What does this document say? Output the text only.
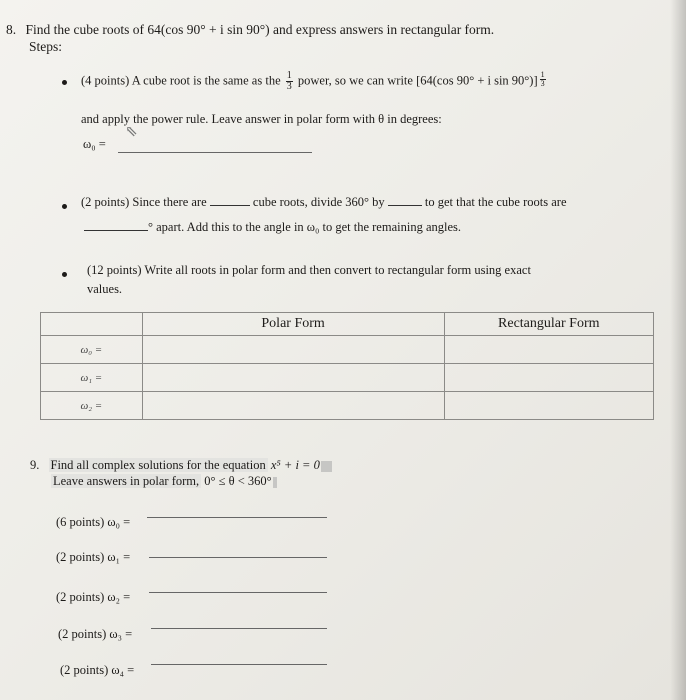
8. Find the cube roots of 64(cos 90° + i sin 90°) and express answers in rectangular form.
Steps:
(4 points) A cube root is the same as the $\frac{1}{3}$ power, so we can write [64(cos 90° + i $\sin 90^\circ)] \frac{1}{3}$
and apply the power rule. Leave answer in polar form with θ in degrees:
ω₀ =
⇖
(2 points) Since there are	cube roots, divide 360° by	to get that the cube roots are
° apart. Add this to the angle in ω₀ to get the remaining angles.
(12 points) Write all roots in polar form and then convert to rectangular form using exact
values.
	Polar Form	Rectangular Form
ω₀ =		
ω₁ =		
ω₂ =		
9. Find all complex solutions for the equation x⁵ + i = 0
Leave answers in polar form, 0° ≤ θ < 360°
(6 points) ω₀ =
(2 points) ω₁ =
(2 points) ω₂ =
(2 points) ω₃ =
(2 points) ω₄ =
